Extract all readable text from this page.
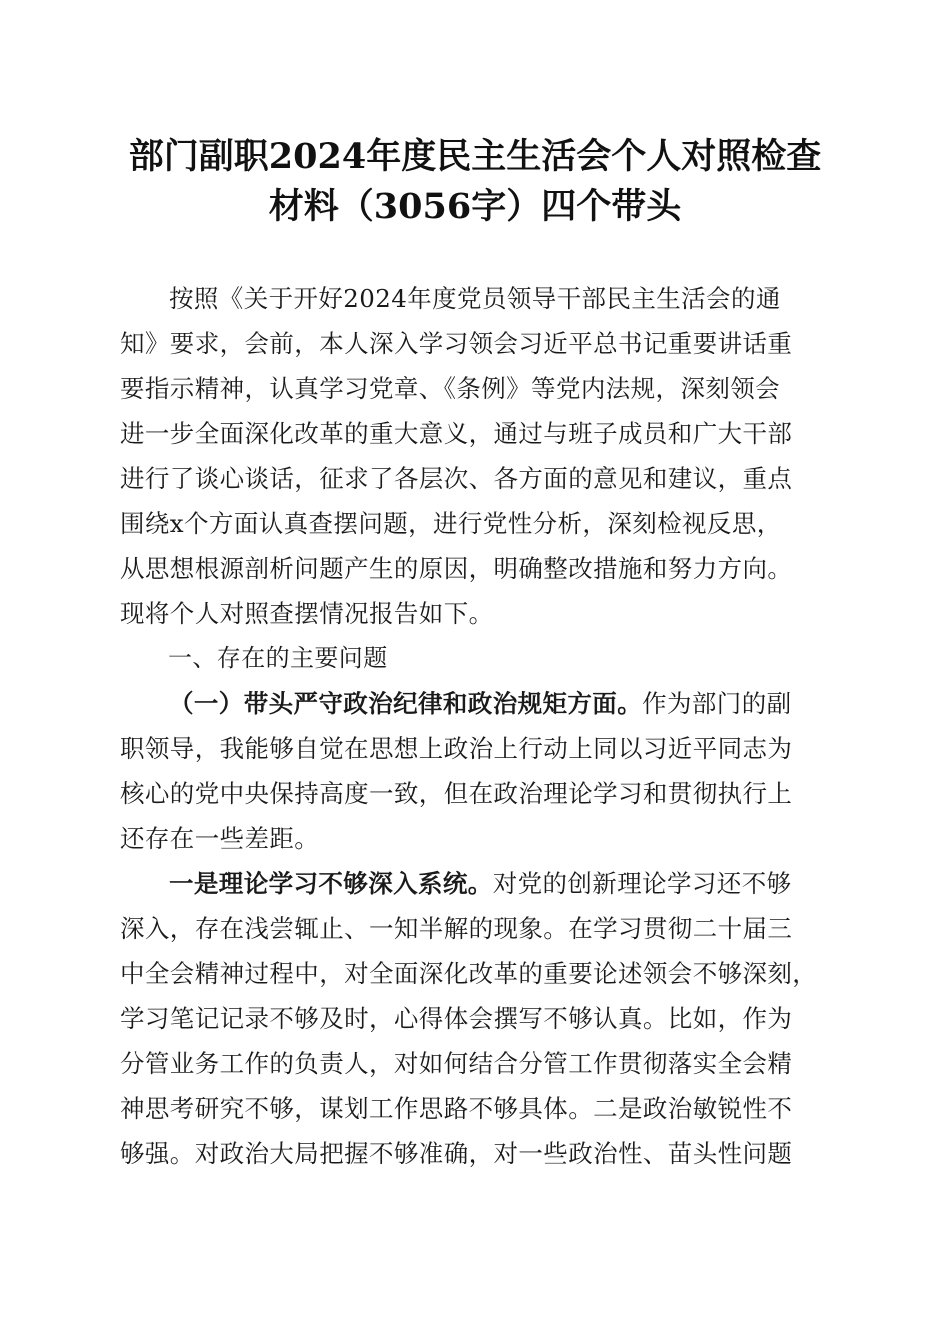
部门副职2024年度民主生活会个人对照检查
材料（3056字）四个带头
按照《关于开好2024年度党员领导干部民主生活会的通
知》要求，会前，本人深入学习领会习近平总书记重要讲话重
要指示精神，认真学习党章、《条例》等党内法规，深刻领会
进一步全面深化改革的重大意义，通过与班子成员和广大干部
进行了谈心谈话，征求了各层次、各方面的意见和建议，重点
围绕x个方面认真查摆问题，进行党性分析，深刻检视反思，
从思想根源剖析问题产生的原因，明确整改措施和努力方向。
现将个人对照查摆情况报告如下。
一、存在的主要问题
（一）带头严守政治纪律和政治规矩方面。作为部门的副
职领导，我能够自觉在思想上政治上行动上同以习近平同志为
核心的党中央保持高度一致，但在政治理论学习和贯彻执行上
还存在一些差距。
一是理论学习不够深入系统。对党的创新理论学习还不够
深入，存在浅尝辄止、一知半解的现象。在学习贯彻二十届三
中全会精神过程中，对全面深化改革的重要论述领会不够深刻，
学习笔记记录不够及时，心得体会撰写不够认真。比如，作为
分管业务工作的负责人，对如何结合分管工作贯彻落实全会精
神思考研究不够，谋划工作思路不够具体。二是政治敏锐性不
够强。对政治大局把握不够准确，对一些政治性、苗头性问题
